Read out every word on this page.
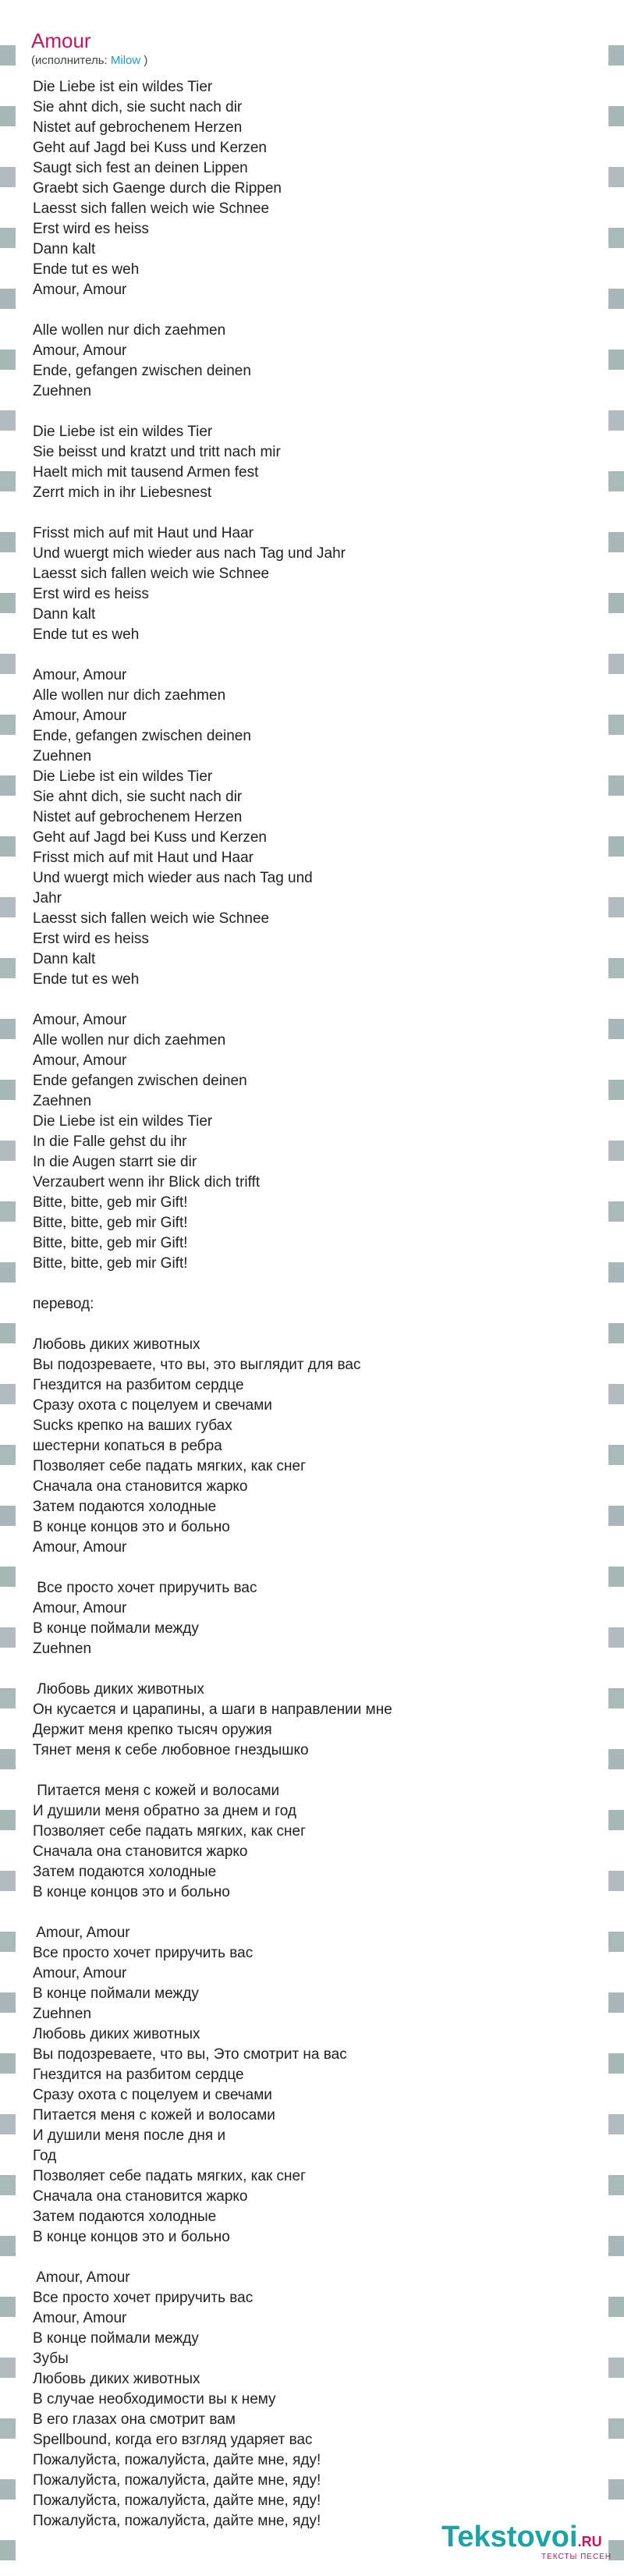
Amour
(исполнитель: Milow )
Die Liebe ist ein wildes Tier
Sie ahnt dich, sie sucht nach dir
Nistet auf gebrochenem Herzen
Geht auf Jagd bei Kuss und Kerzen
Saugt sich fest an deinen Lippen
Graebt sich Gaenge durch die Rippen
Laesst sich fallen weich wie Schnee
Erst wird es heiss
Dann kalt
Ende tut es weh
Amour, Amour
Alle wollen nur dich zaehmen
Amour, Amour
Ende, gefangen zwischen deinen
Zuehnen
Die Liebe ist ein wildes Tier
Sie beisst und kratzt und tritt nach mir
Haelt mich mit tausend Armen fest
Zerrt mich in ihr Liebesnest
Frisst mich auf mit Haut und Haar
Und wuergt mich wieder aus nach Tag und Jahr
Laesst sich fallen weich wie Schnee
Erst wird es heiss
Dann kalt
Ende tut es weh
Amour, Amour
Alle wollen nur dich zaehmen
Amour, Amour
Ende, gefangen zwischen deinen
Zuehnen
Die Liebe ist ein wildes Tier
Sie ahnt dich, sie sucht nach dir
Nistet auf gebrochenem Herzen
Geht auf Jagd bei Kuss und Kerzen
Frisst mich auf mit Haut und Haar
Und wuergt mich wieder aus nach Tag und
Jahr
Laesst sich fallen weich wie Schnee
Erst wird es heiss
Dann kalt
Ende tut es weh
Amour, Amour
Alle wollen nur dich zaehmen
Amour, Amour
Ende gefangen zwischen deinen
Zaehnen
Die Liebe ist ein wildes Tier
In die Falle gehst du ihr
In die Augen starrt sie dir
Verzaubert wenn ihr Blick dich trifft
Bitte, bitte, geb mir Gift!
Bitte, bitte, geb mir Gift!
Bitte, bitte, geb mir Gift!
Bitte, bitte, geb mir Gift!
перевод:
Любовь диких животных
Вы подозреваете, что вы, это выглядит для вас
Гнездится на разбитом сердце
Сразу охота с поцелуем и свечами
Sucks крепко на ваших губах
шестерни копаться в ребра
Позволяет себе падать мягких, как снег
Сначала она становится жарко
Затем подаются холодные
В конце концов это и больно
Amour, Amour
Все просто хочет приручить вас
Amour, Amour
В конце поймали между
Zuehnen
Любовь диких животных
Он кусается и царапины, а шаги в направлении мне
Держит меня крепко тысяч оружия
Тянет меня к себе любовное гнездышко
Питается меня с кожей и волосами
И душили меня обратно за днем и год
Позволяет себе падать мягких, как снег
Сначала она становится жарко
Затем подаются холодные
В конце концов это и больно
Amour, Amour
Все просто хочет приручить вас
Amour, Amour
В конце поймали между
Zuehnen
Любовь диких животных
Вы подозреваете, что вы, Это смотрит на вас
Гнездится на разбитом сердце
Сразу охота с поцелуем и свечами
Питается меня с кожей и волосами
И душили меня после дня и
Год
Позволяет себе падать мягких, как снег
Сначала она становится жарко
Затем подаются холодные
В конце концов это и больно
Amour, Amour
Все просто хочет приручить вас
Amour, Amour
В конце поймали между
Зубы
Любовь диких животных
В случае необходимости вы к нему
В его глазах она смотрит вам
Spellbound, когда его взгляд ударяет вас
Пожалуйста, пожалуйста, дайте мне, яду!
Пожалуйста, пожалуйста, дайте мне, яду!
Пожалуйста, пожалуйста, дайте мне, яду!
Пожалуйста, пожалуйста, дайте мне, яду!	Tekstovoi.RU
ТЕКСТЫ ПЕСЕН
